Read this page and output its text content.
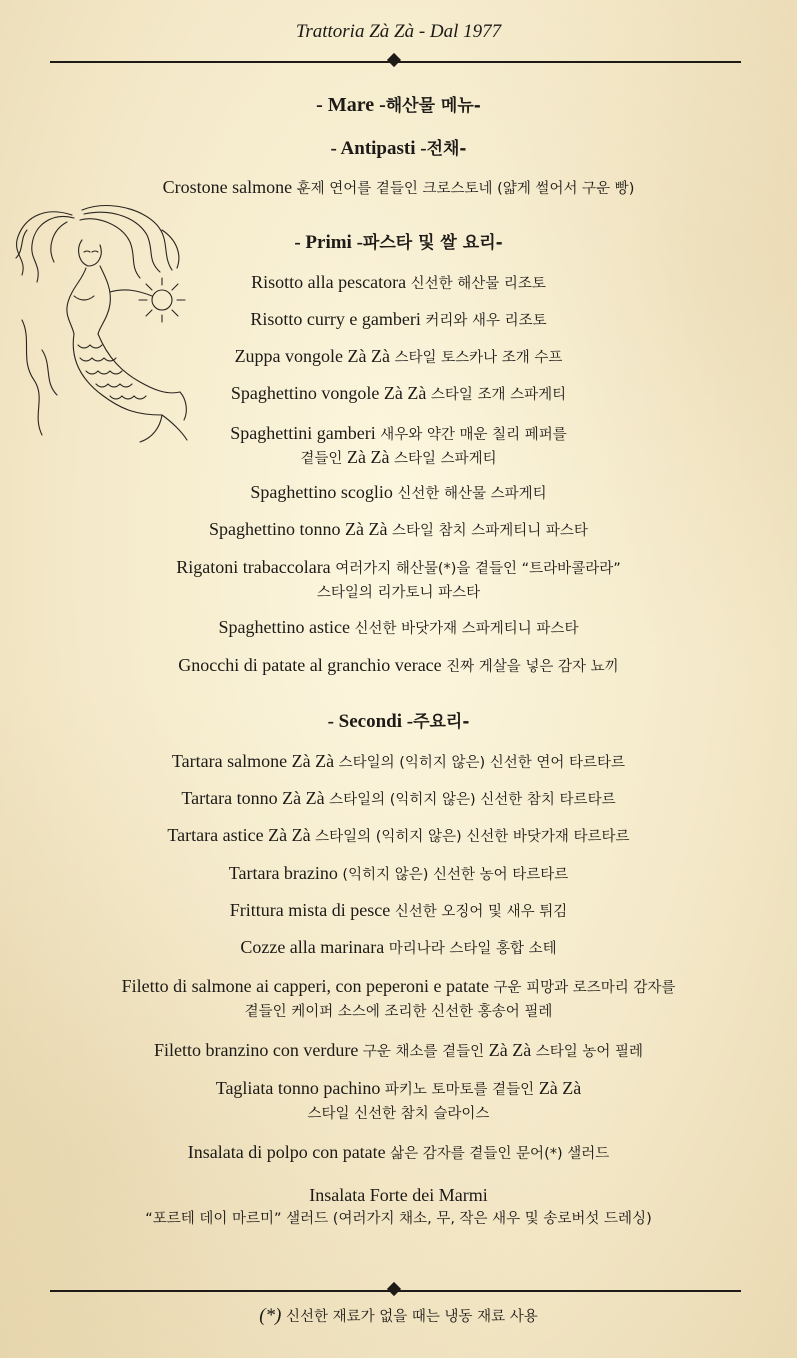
Trattoria Zà Zà - Dal 1977
- Mare -해산물 메뉴-
- Antipasti -전채-
Crostone salmone 훈제 연어를 곁들인 크로스토네 (얇게 썰어서 구운 빵)
- Primi -파스타 및 쌀 요리-
Risotto alla pescatora 신선한 해산물 리조토
Risotto curry e gamberi 커리와 새우 리조토
Zuppa vongole Zà Zà 스타일 토스카나 조개 수프
Spaghettino vongole Zà Zà 스타일 조개 스파게티
Spaghettini gamberi 새우와 약간 매운 칠리 페퍼를
곁들인 Zà Zà 스타일 스파게티
Spaghettino scoglio 신선한 해산물 스파게티
Spaghettino tonno Zà Zà 스타일 참치 스파게티니 파스타
Rigatoni trabaccolara 여러가지 해산물(*)을 곁들인 “트라바콜라라”
스타일의 리가토니 파스타
Spaghettino astice 신선한 바닷가재 스파게티니 파스타
Gnocchi di patate al granchio verace 진짜 게살을 넣은 감자 뇨끼
- Secondi -주요리-
Tartara salmone Zà Zà 스타일의 (익히지 않은) 신선한 연어 타르타르
Tartara tonno Zà Zà 스타일의 (익히지 않은) 신선한 참치 타르타르
Tartara astice Zà Zà 스타일의 (익히지 않은) 신선한 바닷가재 타르타르
Tartara brazino (익히지 않은) 신선한 농어 타르타르
Frittura mista di pesce 신선한 오징어 및 새우 튀김
Cozze alla marinara 마리나라 스타일 홍합 소테
Filetto di salmone ai capperi, con peperoni e patate 구운 피망과 로즈마리 감자를
곁들인 케이퍼 소스에 조리한 신선한 홍송어 필레
Filetto branzino con verdure 구운 채소를 곁들인 Zà Zà 스타일 농어 필레
Tagliata tonno pachino 파키노 토마토를 곁들인 Zà Zà
스타일 신선한 참치 슬라이스
Insalata di polpo con patate 삶은 감자를 곁들인 문어(*) 샐러드
Insalata Forte dei Marmi
“포르테 데이 마르미” 샐러드 (여러가지 채소, 무, 작은 새우 및 송로버섯 드레싱)
(*) 신선한 재료가 없을 때는 냉동 재료 사용
